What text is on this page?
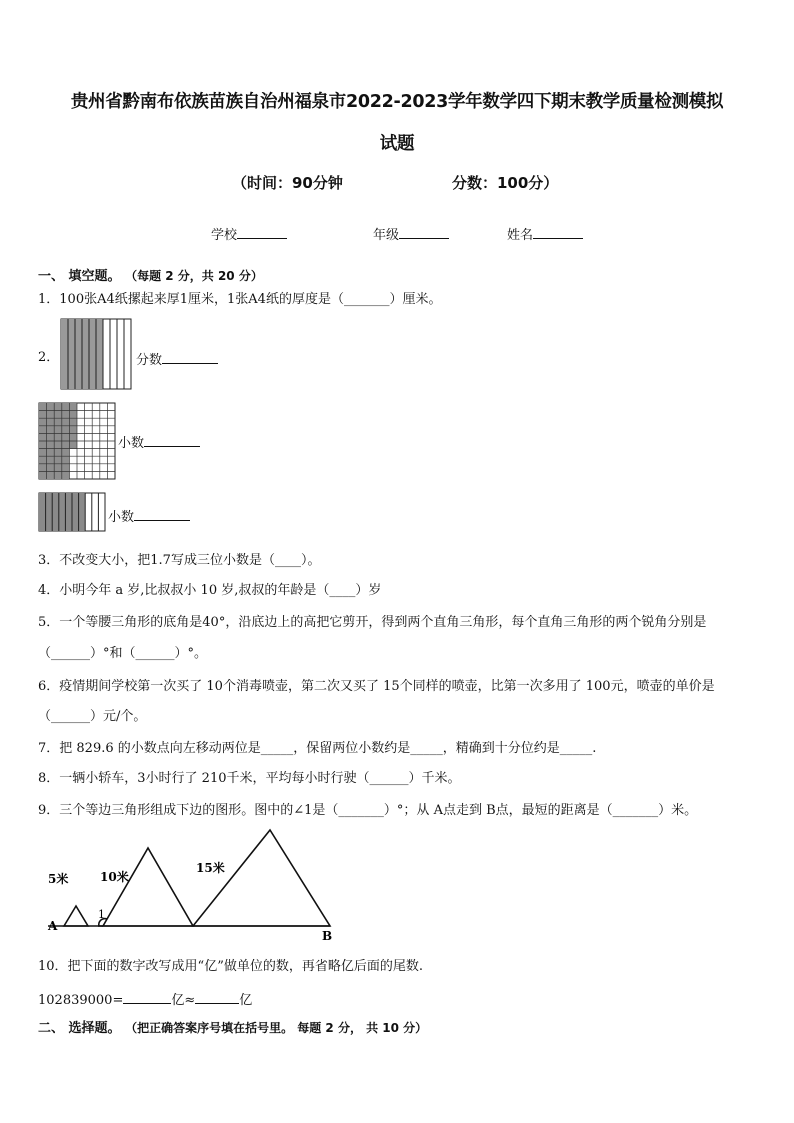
贵州省黔南布依族苗族自治州福泉市2022-2023学年数学四下期末教学质量检测模拟
试题
（时间：90分钟	分数：100分）
学校	年级	姓名
一、 填空题。 （每题 2 分，共 20 分）
1．100张A4纸摞起来厚1厘米，1张A4纸的厚度是（_______）厘米。
2．	分数
小数
小数
3．不改变大小，把1.7写成三位小数是（____）。
4．小明今年 a 岁,比叔叔小 10 岁,叔叔的年龄是（____）岁
5．一个等腰三角形的底角是40°，沿底边上的高把它剪开，得到两个直角三角形，每个直角三角形的两个锐角分别是
（______）°和（______）°。
6．疫情期间学校第一次买了 10个消毒喷壶，第二次又买了 15个同样的喷壶，比第一次多用了 100元，喷壶的单价是
（______）元/个。
7．把 829.6 的小数点向左移动两位是_____，保留两位小数约是_____，精确到十分位约是_____.
8．一辆小轿车，3小时行了 210千米，平均每小时行驶（______）千米。
9．三个等边三角形组成下边的图形。图中的∠1是（_______）°；从 A点走到 B点，最短的距离是（_______）米。
5米	10米
15米
1
A
B
10．把下面的数字改写成用“亿”做单位的数，再省略亿后面的尾数.
102839000=	亿≈	亿
二、 选择题。 （把正确答案序号填在括号里。 每题 2 分， 共 10 分）
